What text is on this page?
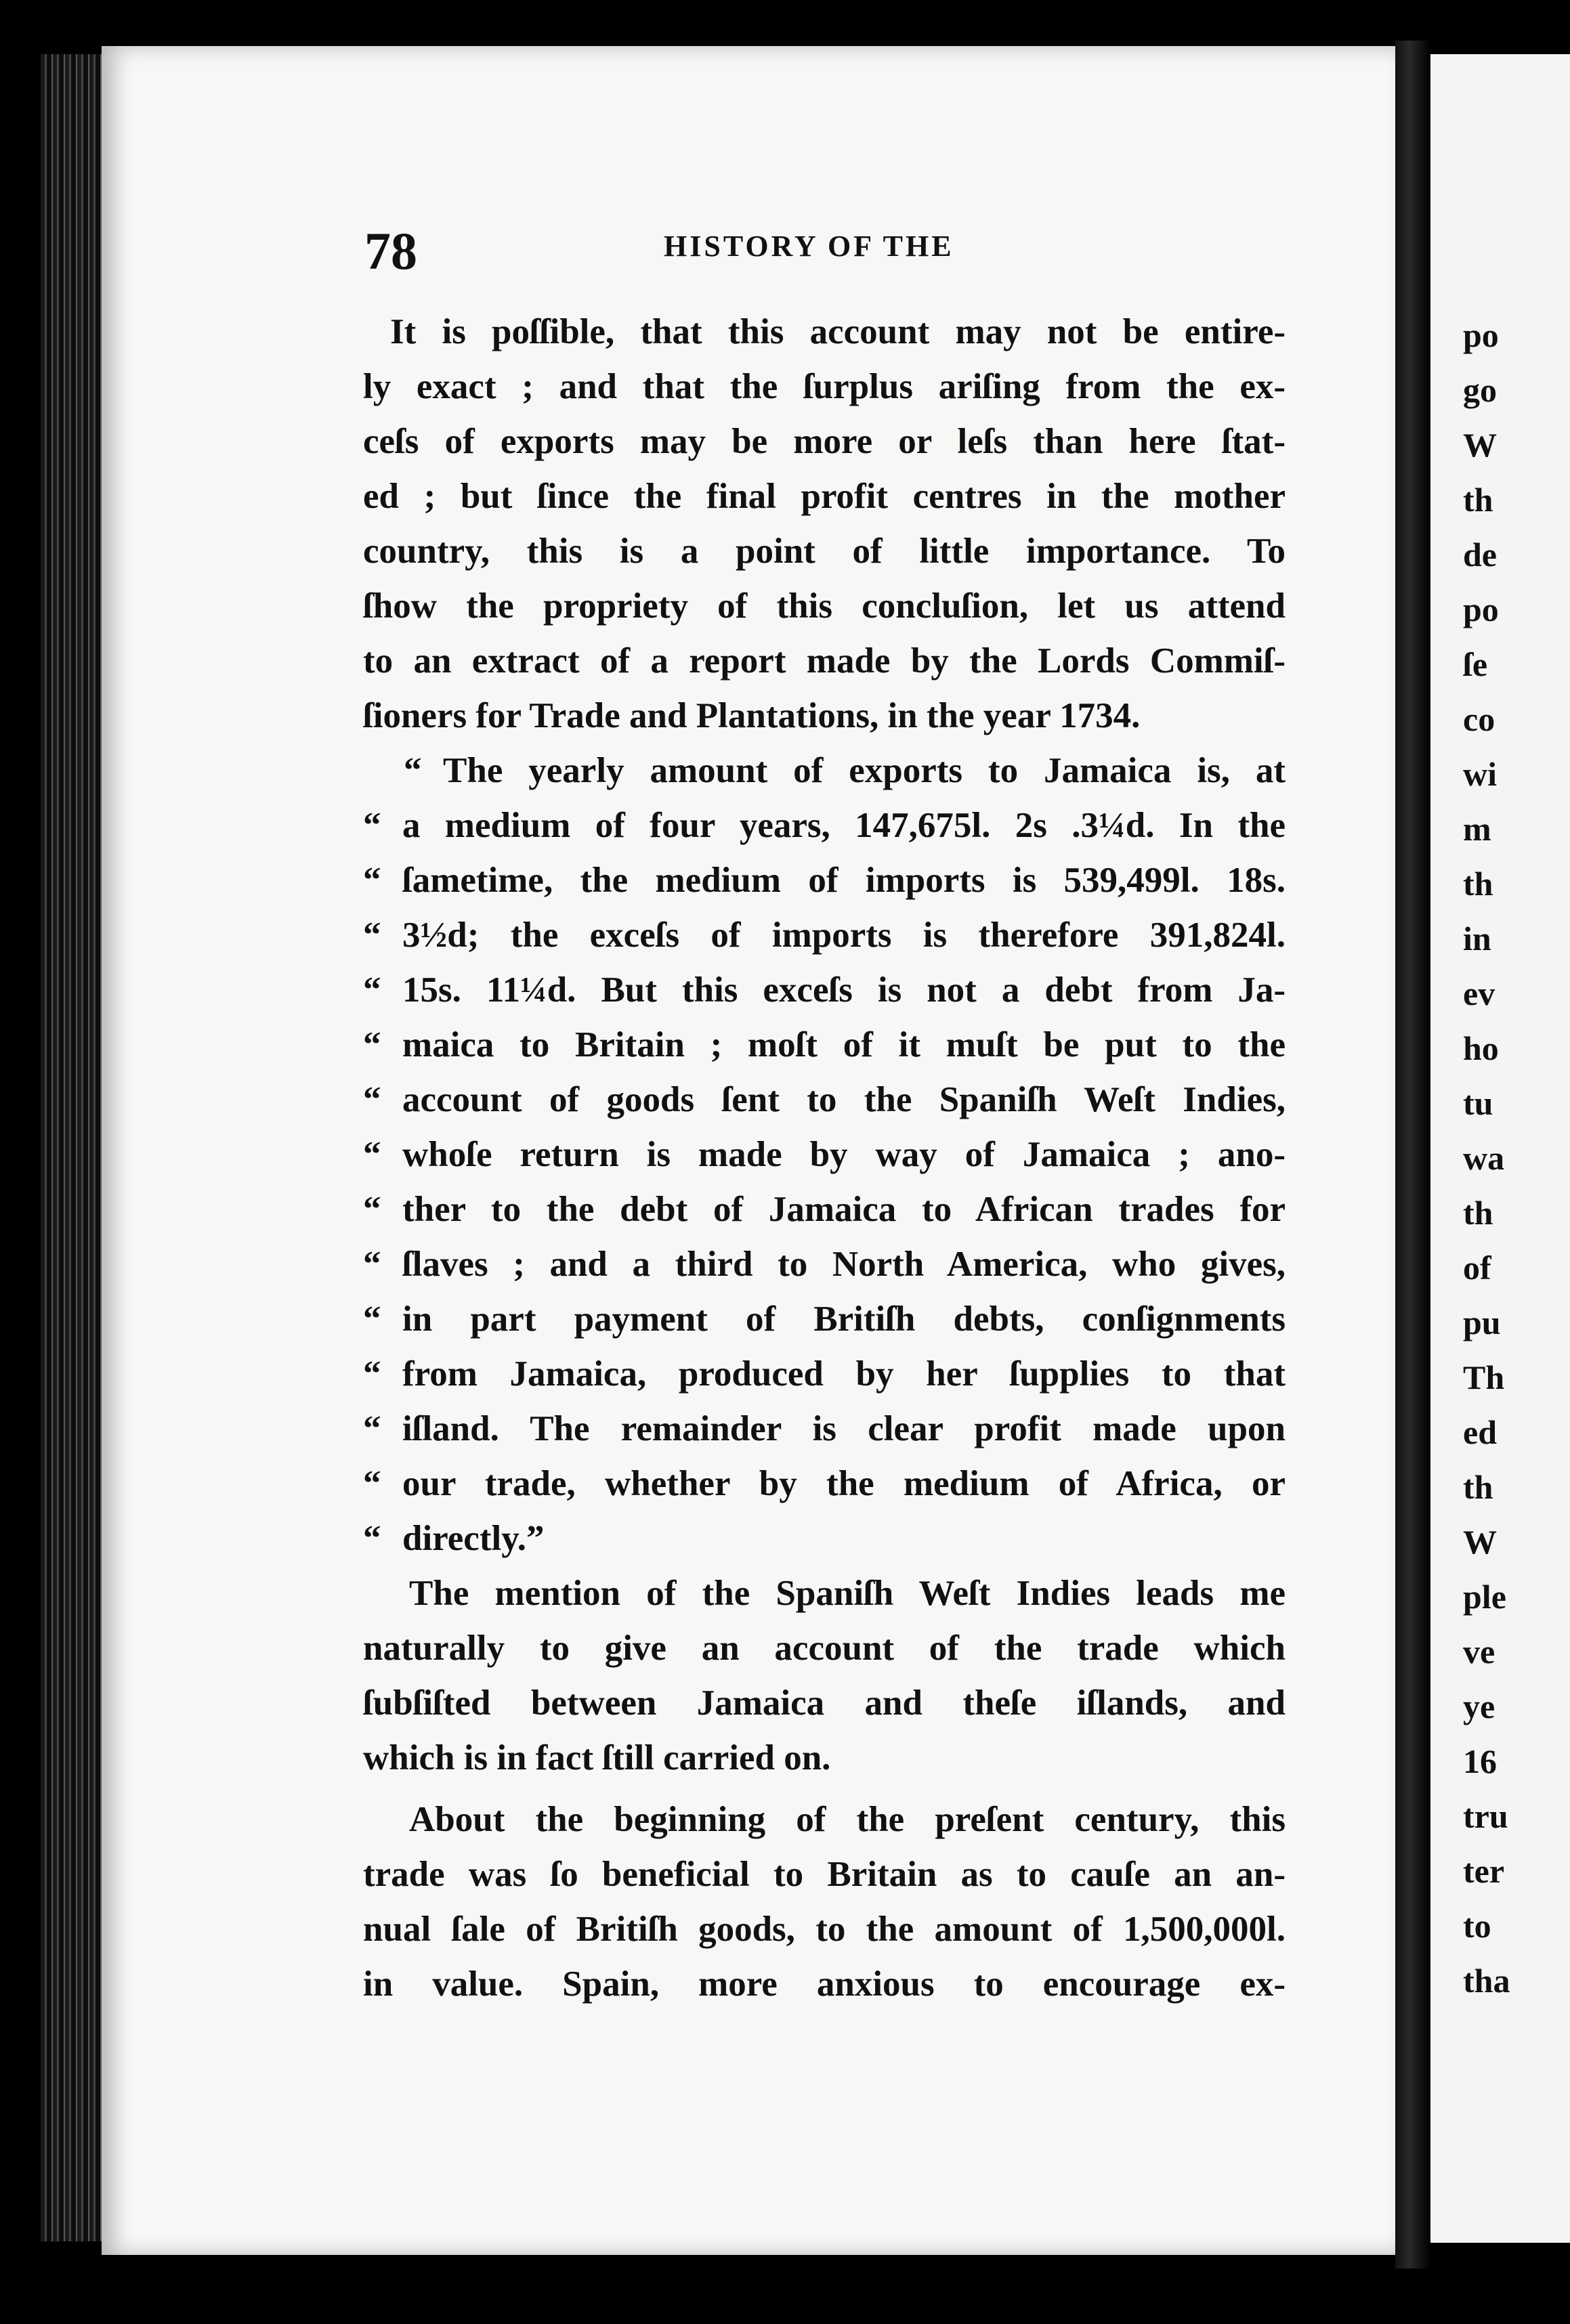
78	HISTORY OF THE
It is poſſible, that this account may not be entire-
ly exact ; and that the ſurplus ariſing from the ex-
ceſs of exports may be more or leſs than here ſtat-
ed ; but ſince the final profit centres in the mother
country, this is a point of little importance. To
ſhow the propriety of this concluſion, let us attend
to an extract of a report made by the Lords Commiſ-
ſioners for Trade and Plantations, in the year 1734.
“ The yearly amount of exports to Jamaica is, at
“ a medium of four years, 147,675l. 2s .3¼d. In the
“ ſametime, the medium of imports is 539,499l. 18s.
“ 3½d; the exceſs of imports is therefore 391,824l.
“ 15s. 11¼d. But this exceſs is not a debt from Ja-
“ maica to Britain ; moſt of it muſt be put to the
“ account of goods ſent to the Spaniſh Weſt Indies,
“ whoſe return is made by way of Jamaica ; ano-
“ ther to the debt of Jamaica to African trades for
“ ſlaves ; and a third to North America, who gives,
“ in part payment of Britiſh debts, conſignments
“ from Jamaica, produced by her ſupplies to that
“ iſland. The remainder is clear profit made upon
“ our trade, whether by the medium of Africa, or
“ directly.”
The mention of the Spaniſh Weſt Indies leads me
naturally to give an account of the trade which
ſubſiſted between Jamaica and theſe iſlands, and
which is in fact ſtill carried on.
About the beginning of the preſent century, this
trade was ſo beneficial to Britain as to cauſe an an-
nual ſale of Britiſh goods, to the amount of 1,500,000l.
in value. Spain, more anxious to encourage ex-
po
go
W
th
de
po
ſe
co
wi
m
th
in
ev
ho
tu
wa
th
of
pu
Th
ed
th
W
ple
ve
ye
16
tru
ter
to
tha
